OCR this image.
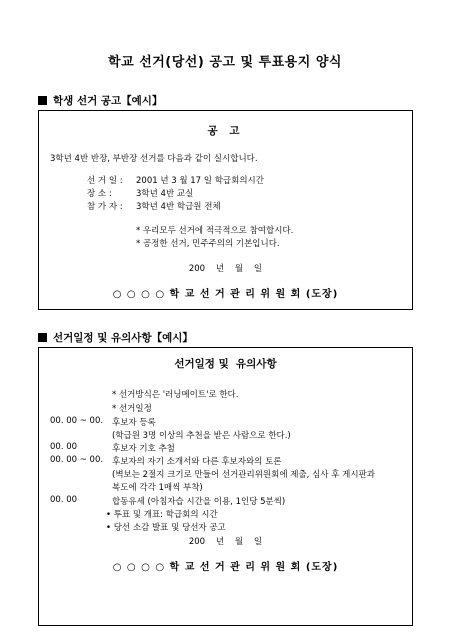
학교 선거(당선) 공고 및 투표용지 양식
학생 선거 공고【예시】
공 고
3학년 4반 반장, 부반장 선거를 다음과 같이 실시합니다.
선 거 일 : 2001 년 3 월 17 일 학급회의시간
장 소 :	3학년 4반 교실
참 가 자 : 3학년 4반 학급원 전체
* 우리모두 선거에 적극적으로 참여합시다.
* 공정한 선거, 민주주의의 기본입니다.
200    년    월    일
○ ○ ○ ○ 학 교 선 거 관 리 위 원 회 (도장)
선거일정 및 유의사항【예시】
선거일정 및  유의사항
* 선거방식은 '러닝메이트'로 한다.
* 선거일정
00. 00 ~ 00. 후보자 등록
(학급원 3명 이상의 추천을 받은 사람으로 한다.)
00. 00	후보자 기호 추첨
00. 00 ~ 00. 후보자의 자기 소개서와 다른 후보자와의 토론
(벽보는 2절지 크기로 만들어 선거관리위원회에 제출, 심사 후 게시판과
복도에 각각 1매씩 부착)
00. 00	합동유세 (아침자습 시간을 이용, 1인당 5분씩)
• 투표 및 개표: 학급회의 시간
• 당선 소감 발표 및 당선자 공고
200    년    월    일
○ ○ ○ ○ 학 교 선 거 관 리 위 원 회 (도장)
